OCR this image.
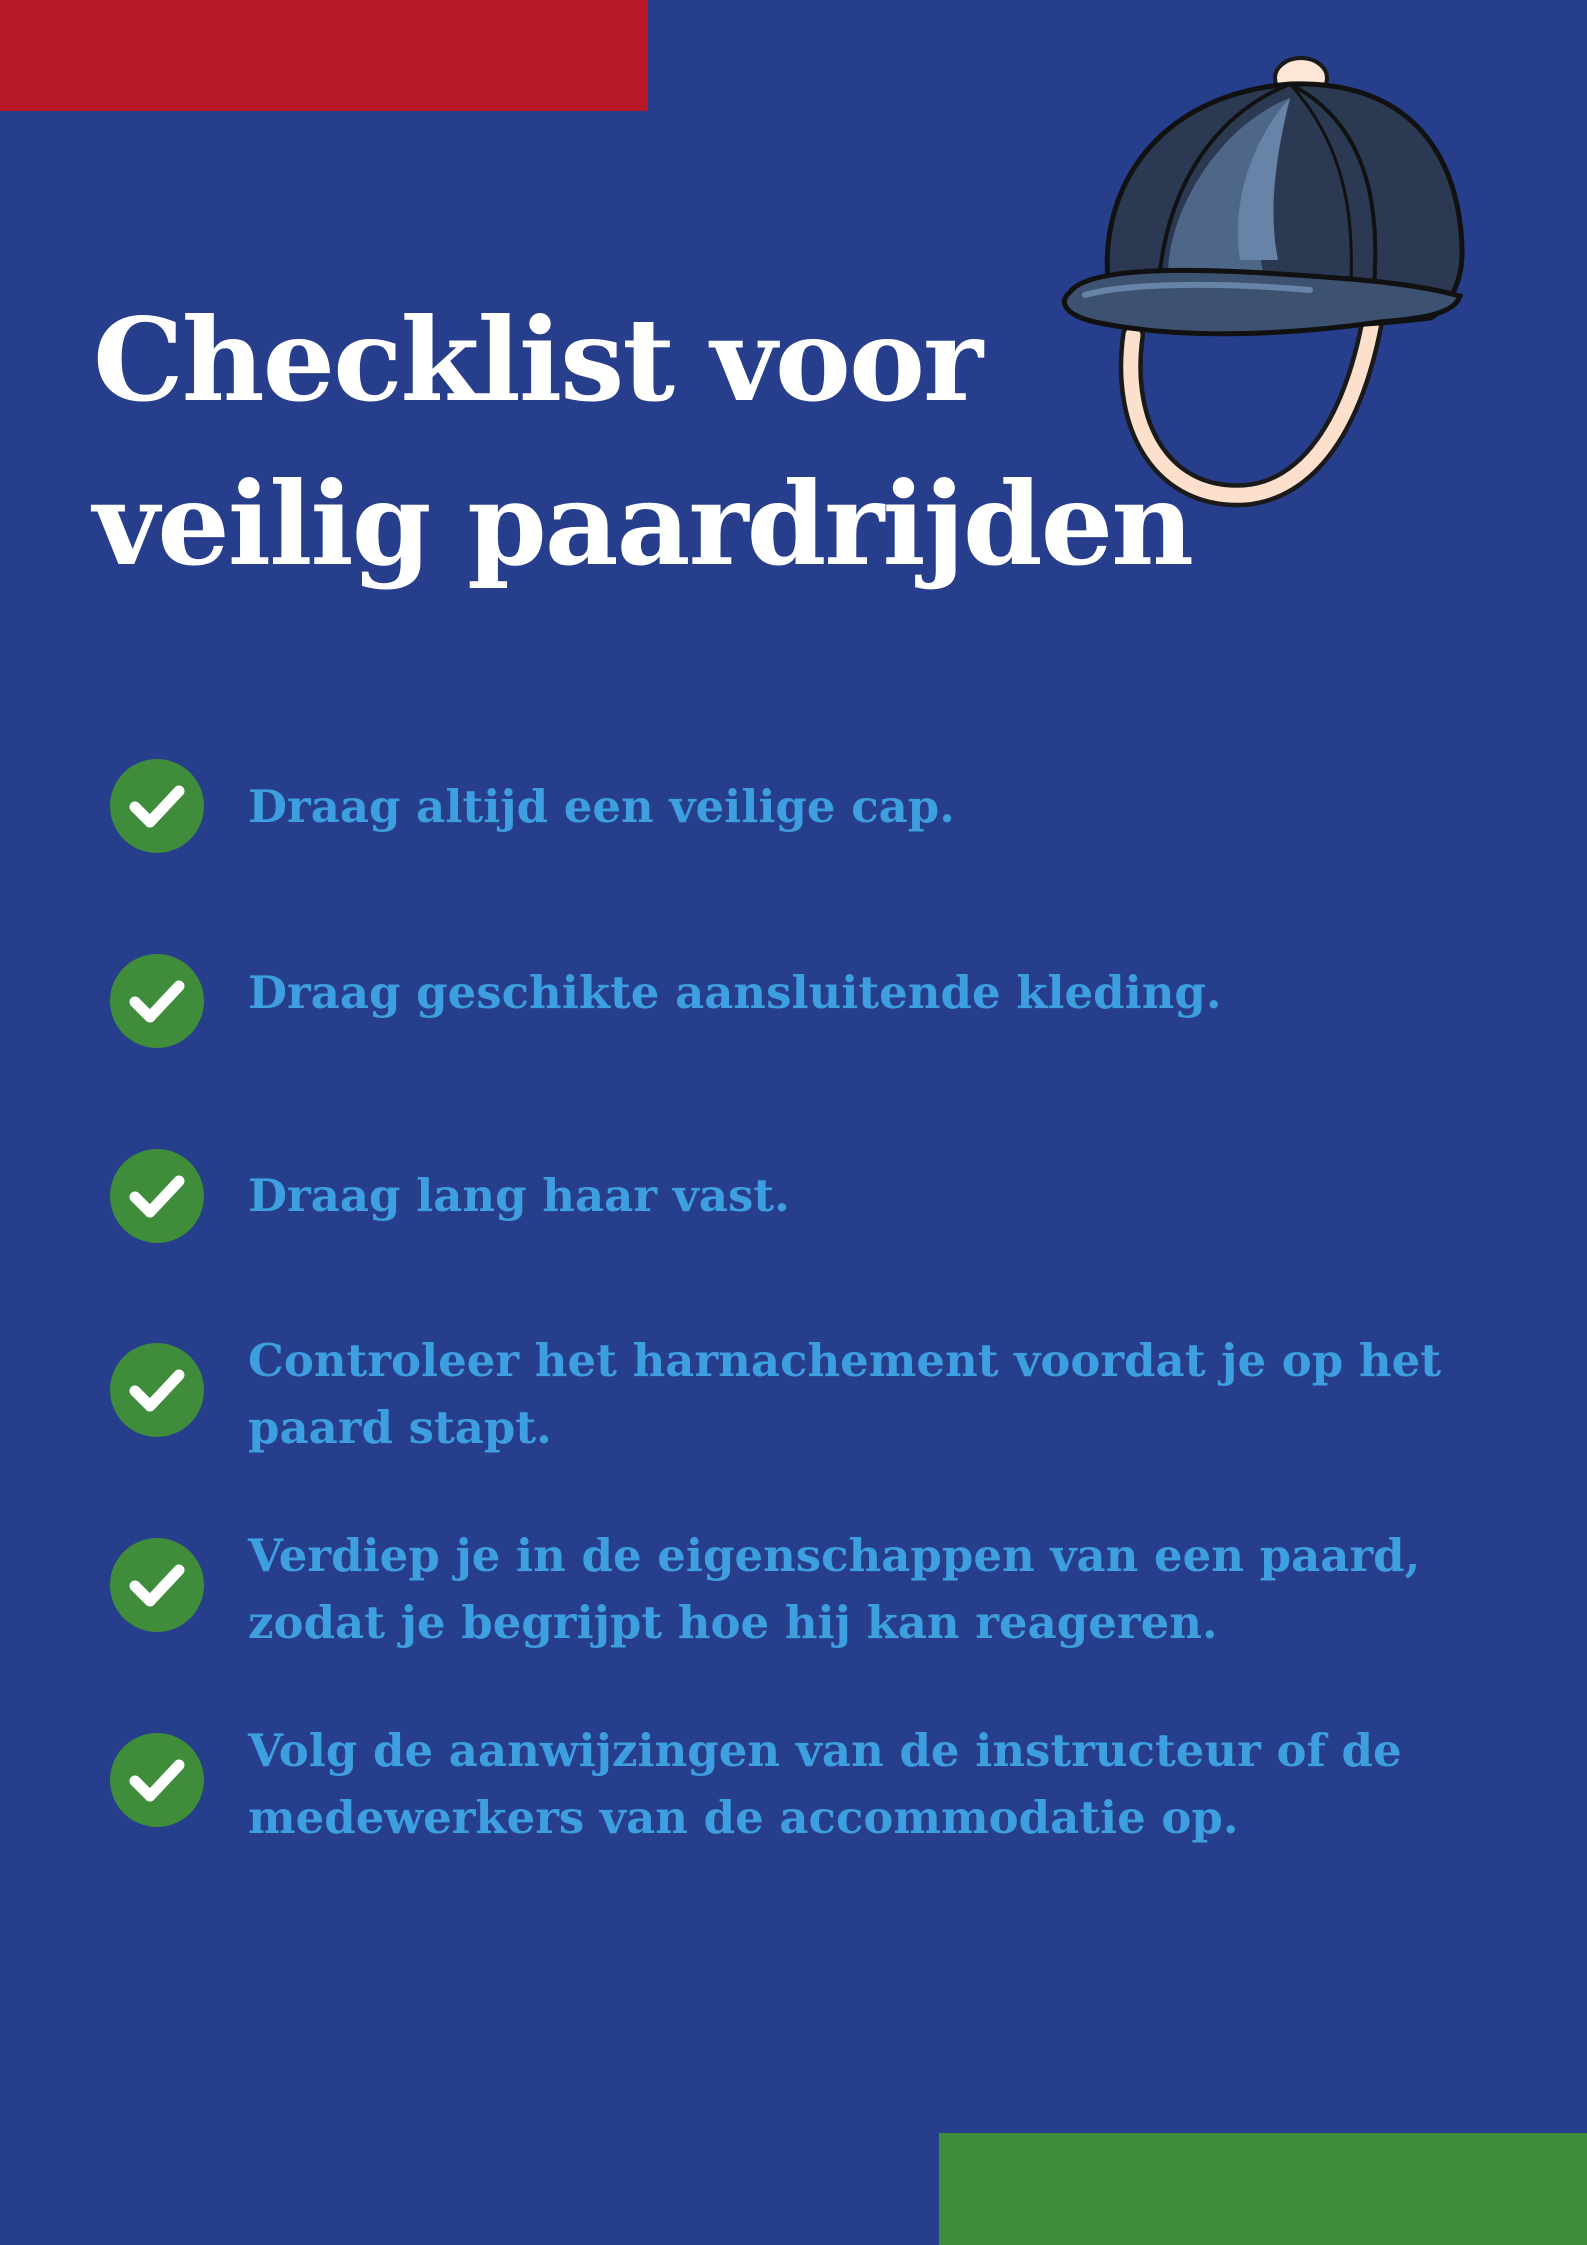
Checklist voor
veilig paardrijden
Draag altijd een veilige cap.
Draag geschikte aansluitende kleding.
Draag lang haar vast.
Controleer het harnachement voordat je op het
paard stapt.
Verdiep je in de eigenschappen van een paard,
zodat je begrijpt hoe hij kan reageren.
Volg de aanwijzingen van de instructeur of de
medewerkers van de accommodatie op.
